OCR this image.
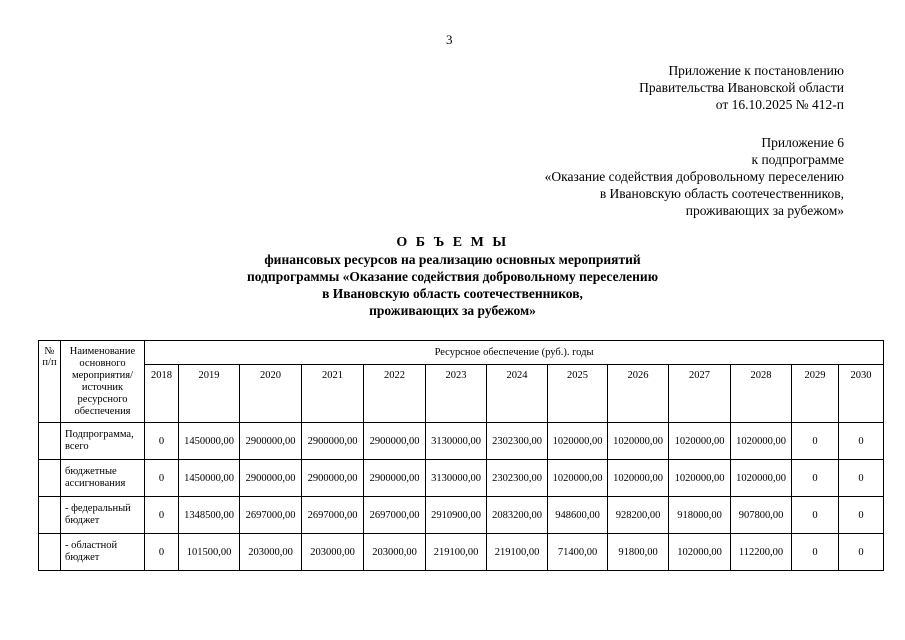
3
Приложение к постановлению
Правительства Ивановской области
от 16.10.2025 № 412-п
Приложение 6
к подпрограмме
«Оказание содействия добровольному переселению
в Ивановскую область соотечественников,
проживающих за рубежом»
О Б Ъ Е М Ы
финансовых ресурсов на реализацию основных мероприятий
подпрограммы «Оказание содействия добровольному переселению
в Ивановскую область соотечественников,
проживающих за рубежом»
№ п/п	Наименование основного мероприятия/ источник ресурсного обеспечения	Ресурсное обеспечение (руб.). годы												
		2018	2019	2020	2021	2022	2023	2024	2025	2026	2027	2028	2029	2030
	Подпрограмма, всего	0	1450000,00	2900000,00	2900000,00	2900000,00	3130000,00	2302300,00	1020000,00	1020000,00	1020000,00	1020000,00	0	0
	бюджетные ассигнования	0	1450000,00	2900000,00	2900000,00	2900000,00	3130000,00	2302300,00	1020000,00	1020000,00	1020000,00	1020000,00	0	0
	- федеральный бюджет	0	1348500,00	2697000,00	2697000,00	2697000,00	2910900,00	2083200,00	948600,00	928200,00	918000,00	907800,00	0	0
	- областной бюджет	0	101500,00	203000,00	203000,00	203000,00	219100,00	219100,00	71400,00	91800,00	102000,00	112200,00	0	0
